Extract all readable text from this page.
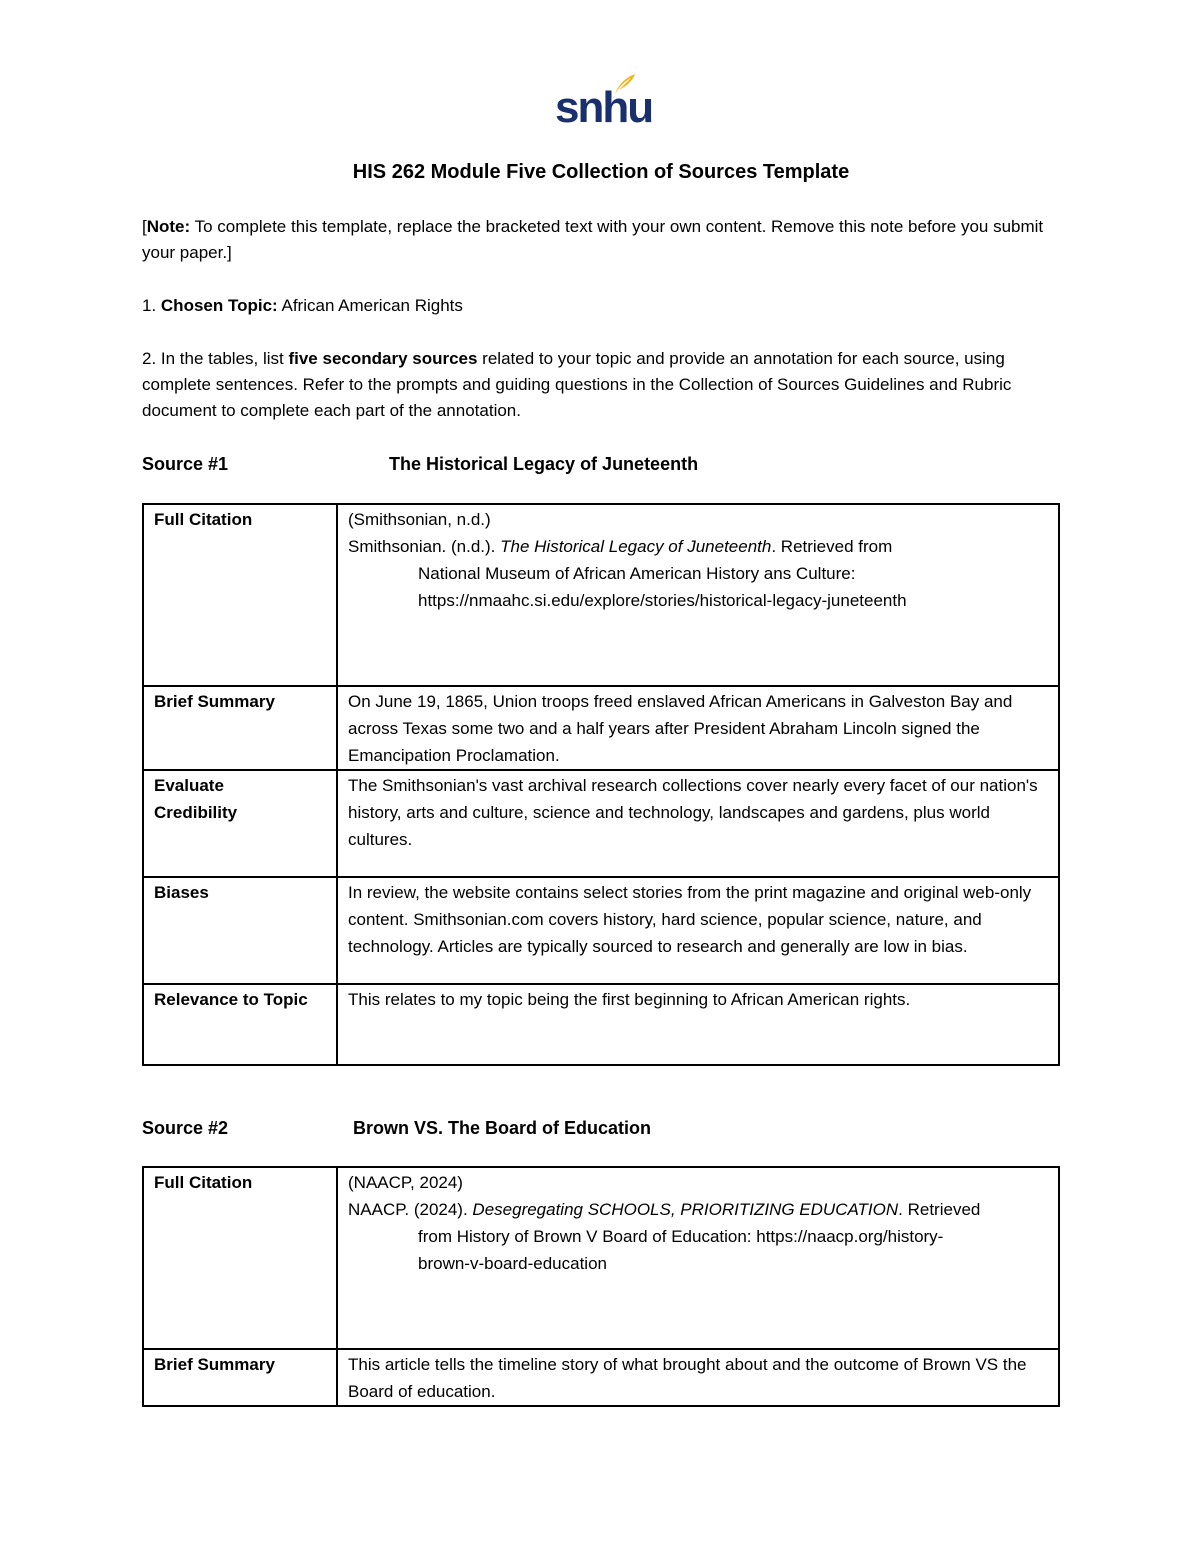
snhu
HIS 262 Module Five Collection of Sources Template
[Note: To complete this template, replace the bracketed text with your own content. Remove this note before you submit your paper.]
1. Chosen Topic: African American Rights
2. In the tables, list five secondary sources related to your topic and provide an annotation for each source, using complete sentences. Refer to the prompts and guiding questions in the Collection of Sources Guidelines and Rubric document to complete each part of the annotation.
Source #1	The Historical Legacy of Juneteenth
Full Citation	(Smithsonian, n.d.)
Smithsonian. (n.d.). The Historical Legacy of Juneteenth. Retrieved from
National Museum of African American History ans Culture:
https://nmaahc.si.edu/explore/stories/historical-legacy-juneteenth

Brief Summary	On June 19, 1865, Union troops freed enslaved African Americans in Galveston Bay and across Texas some two and a half years after President Abraham Lincoln signed the Emancipation Proclamation.
Evaluate Credibility	The Smithsonian's vast archival research collections cover nearly every facet of our nation's history, arts and culture, science and technology, landscapes and gardens, plus world cultures.
Biases	In review, the website contains select stories from the print magazine and original web-only content. Smithsonian.com covers history, hard science, popular science, nature, and technology. Articles are typically sourced to research and generally are low in bias.
Relevance to Topic	This relates to my topic being the first beginning to African American rights.
Source #2	Brown VS. The Board of Education
Full Citation	(NAACP, 2024)
NAACP. (2024). Desegregating SCHOOLS, PRIORITIZING EDUCATION. Retrieved
from History of Brown V Board of Education: https://naacp.org/history-
brown-v-board-education

Brief Summary	This article tells the timeline story of what brought about and the outcome of Brown VS the Board of education.
